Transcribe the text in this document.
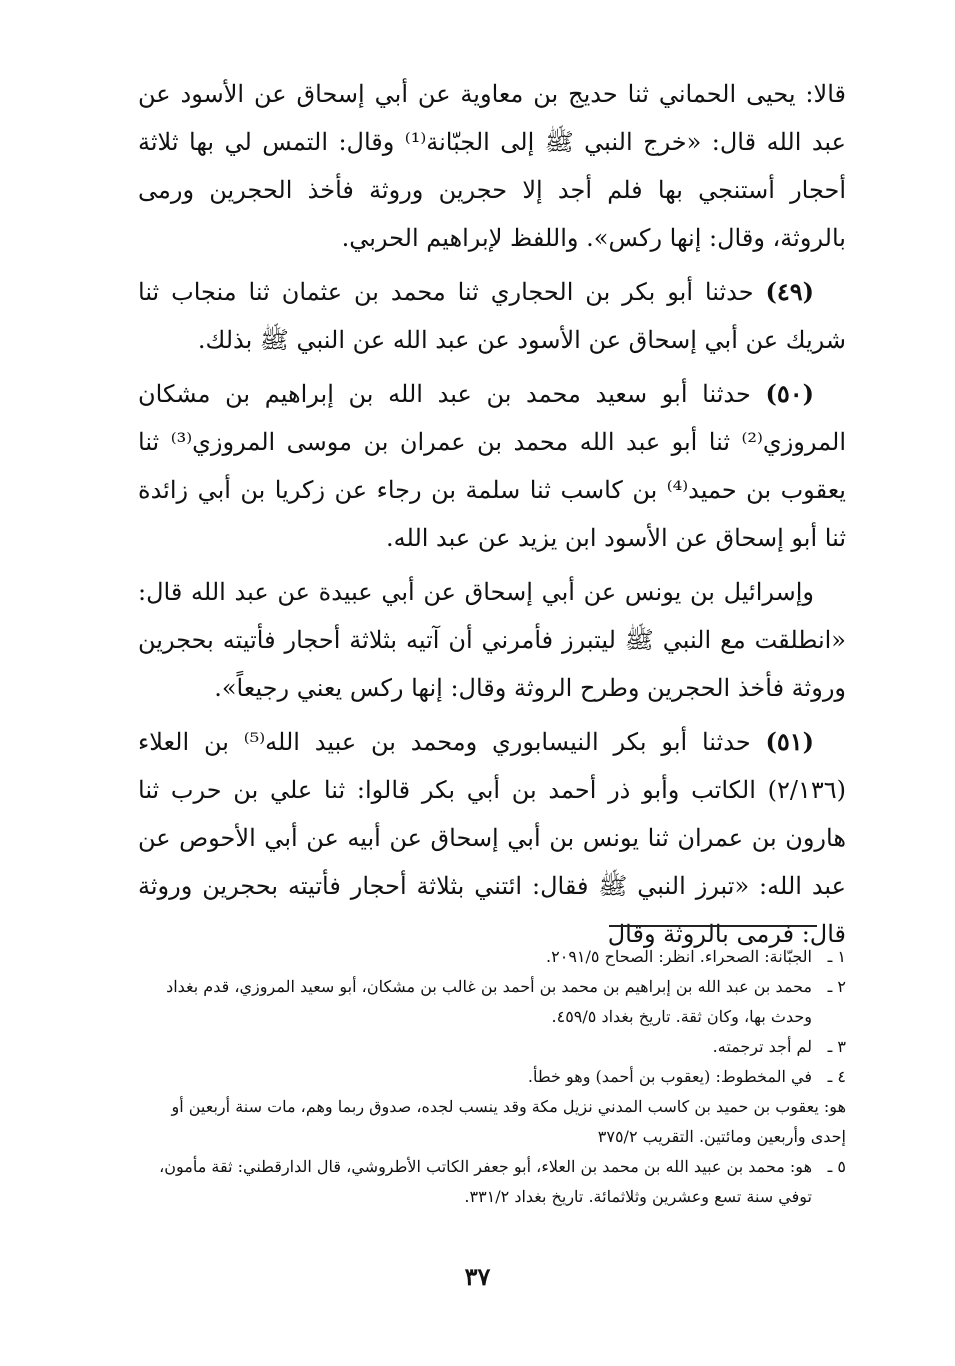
قالا: يحيى الحماني ثنا حديج بن معاوية عن أبي إسحاق عن الأسود عن عبد الله قال: «خرج النبي ﷺ إلى الجبّانة⁽¹⁾ وقال: التمس لي بها ثلاثة أحجار أستنجي بها فلم أجد إلا حجرين وروثة فأخذ الحجرين ورمى بالروثة، وقال: إنها ركس». واللفظ لإبراهيم الحربي.
(٤٩) حدثنا أبو بكر بن الحجاري ثنا محمد بن عثمان ثنا منجاب ثنا شريك عن أبي إسحاق عن الأسود عن عبد الله عن النبي ﷺ بذلك.
(٥٠) حدثنا أبو سعيد محمد بن عبد الله بن إبراهيم بن مشكان المروزي⁽²⁾ ثنا أبو عبد الله محمد بن عمران بن موسى المروزي⁽³⁾ ثنا يعقوب بن حميد⁽⁴⁾ بن كاسب ثنا سلمة بن رجاء عن زكريا بن أبي زائدة ثنا أبو إسحاق عن الأسود ابن يزيد عن عبد الله.
وإسرائيل بن يونس عن أبي إسحاق عن أبي عبيدة عن عبد الله قال: «انطلقت مع النبي ﷺ ليتبرز فأمرني أن آتيه بثلاثة أحجار فأتيته بحجرين وروثة فأخذ الحجرين وطرح الروثة وقال: إنها ركس يعني رجيعاً».
(٥١) حدثنا أبو بكر النيسابوري ومحمد بن عبيد الله⁽⁵⁾ بن العلاء (٢/١٣٦) الكاتب وأبو ذر أحمد بن أبي بكر قالوا: ثنا علي بن حرب ثنا هارون بن عمران ثنا يونس بن أبي إسحاق عن أبيه عن أبي الأحوص عن عبد الله: «تبرز النبي ﷺ فقال: ائتني بثلاثة أحجار فأتيته بحجرين وروثة قال: فرمى بالروثة وقال
١ ـ
الجبّانة: الصحراء. انظر: الصحاح ٢٠٩١/٥.
٢ ـ
محمد بن عبد الله بن إبراهيم بن محمد بن أحمد بن غالب بن مشكان، أبو سعيد المروزي، قدم بغداد وحدث بها، وكان ثقة. تاريخ بغداد ٤٥٩/٥.
٣ ـ
لم أجد ترجمته.
٤ ـ
في المخطوط: (يعقوب بن أحمد) وهو خطأ.
هو: يعقوب بن حميد بن كاسب المدني نزيل مكة وقد ينسب لجده، صدوق ربما وهم، مات سنة أربعين أو إحدى وأربعين ومائتين. التقريب ٣٧٥/٢
٥ ـ
هو: محمد بن عبيد الله بن محمد بن العلاء، أبو جعفر الكاتب الأطروشي، قال الدارقطني: ثقة مأمون، توفي سنة تسع وعشرين وثلاثمائة. تاريخ بغداد ٣٣١/٢.
٣٧
